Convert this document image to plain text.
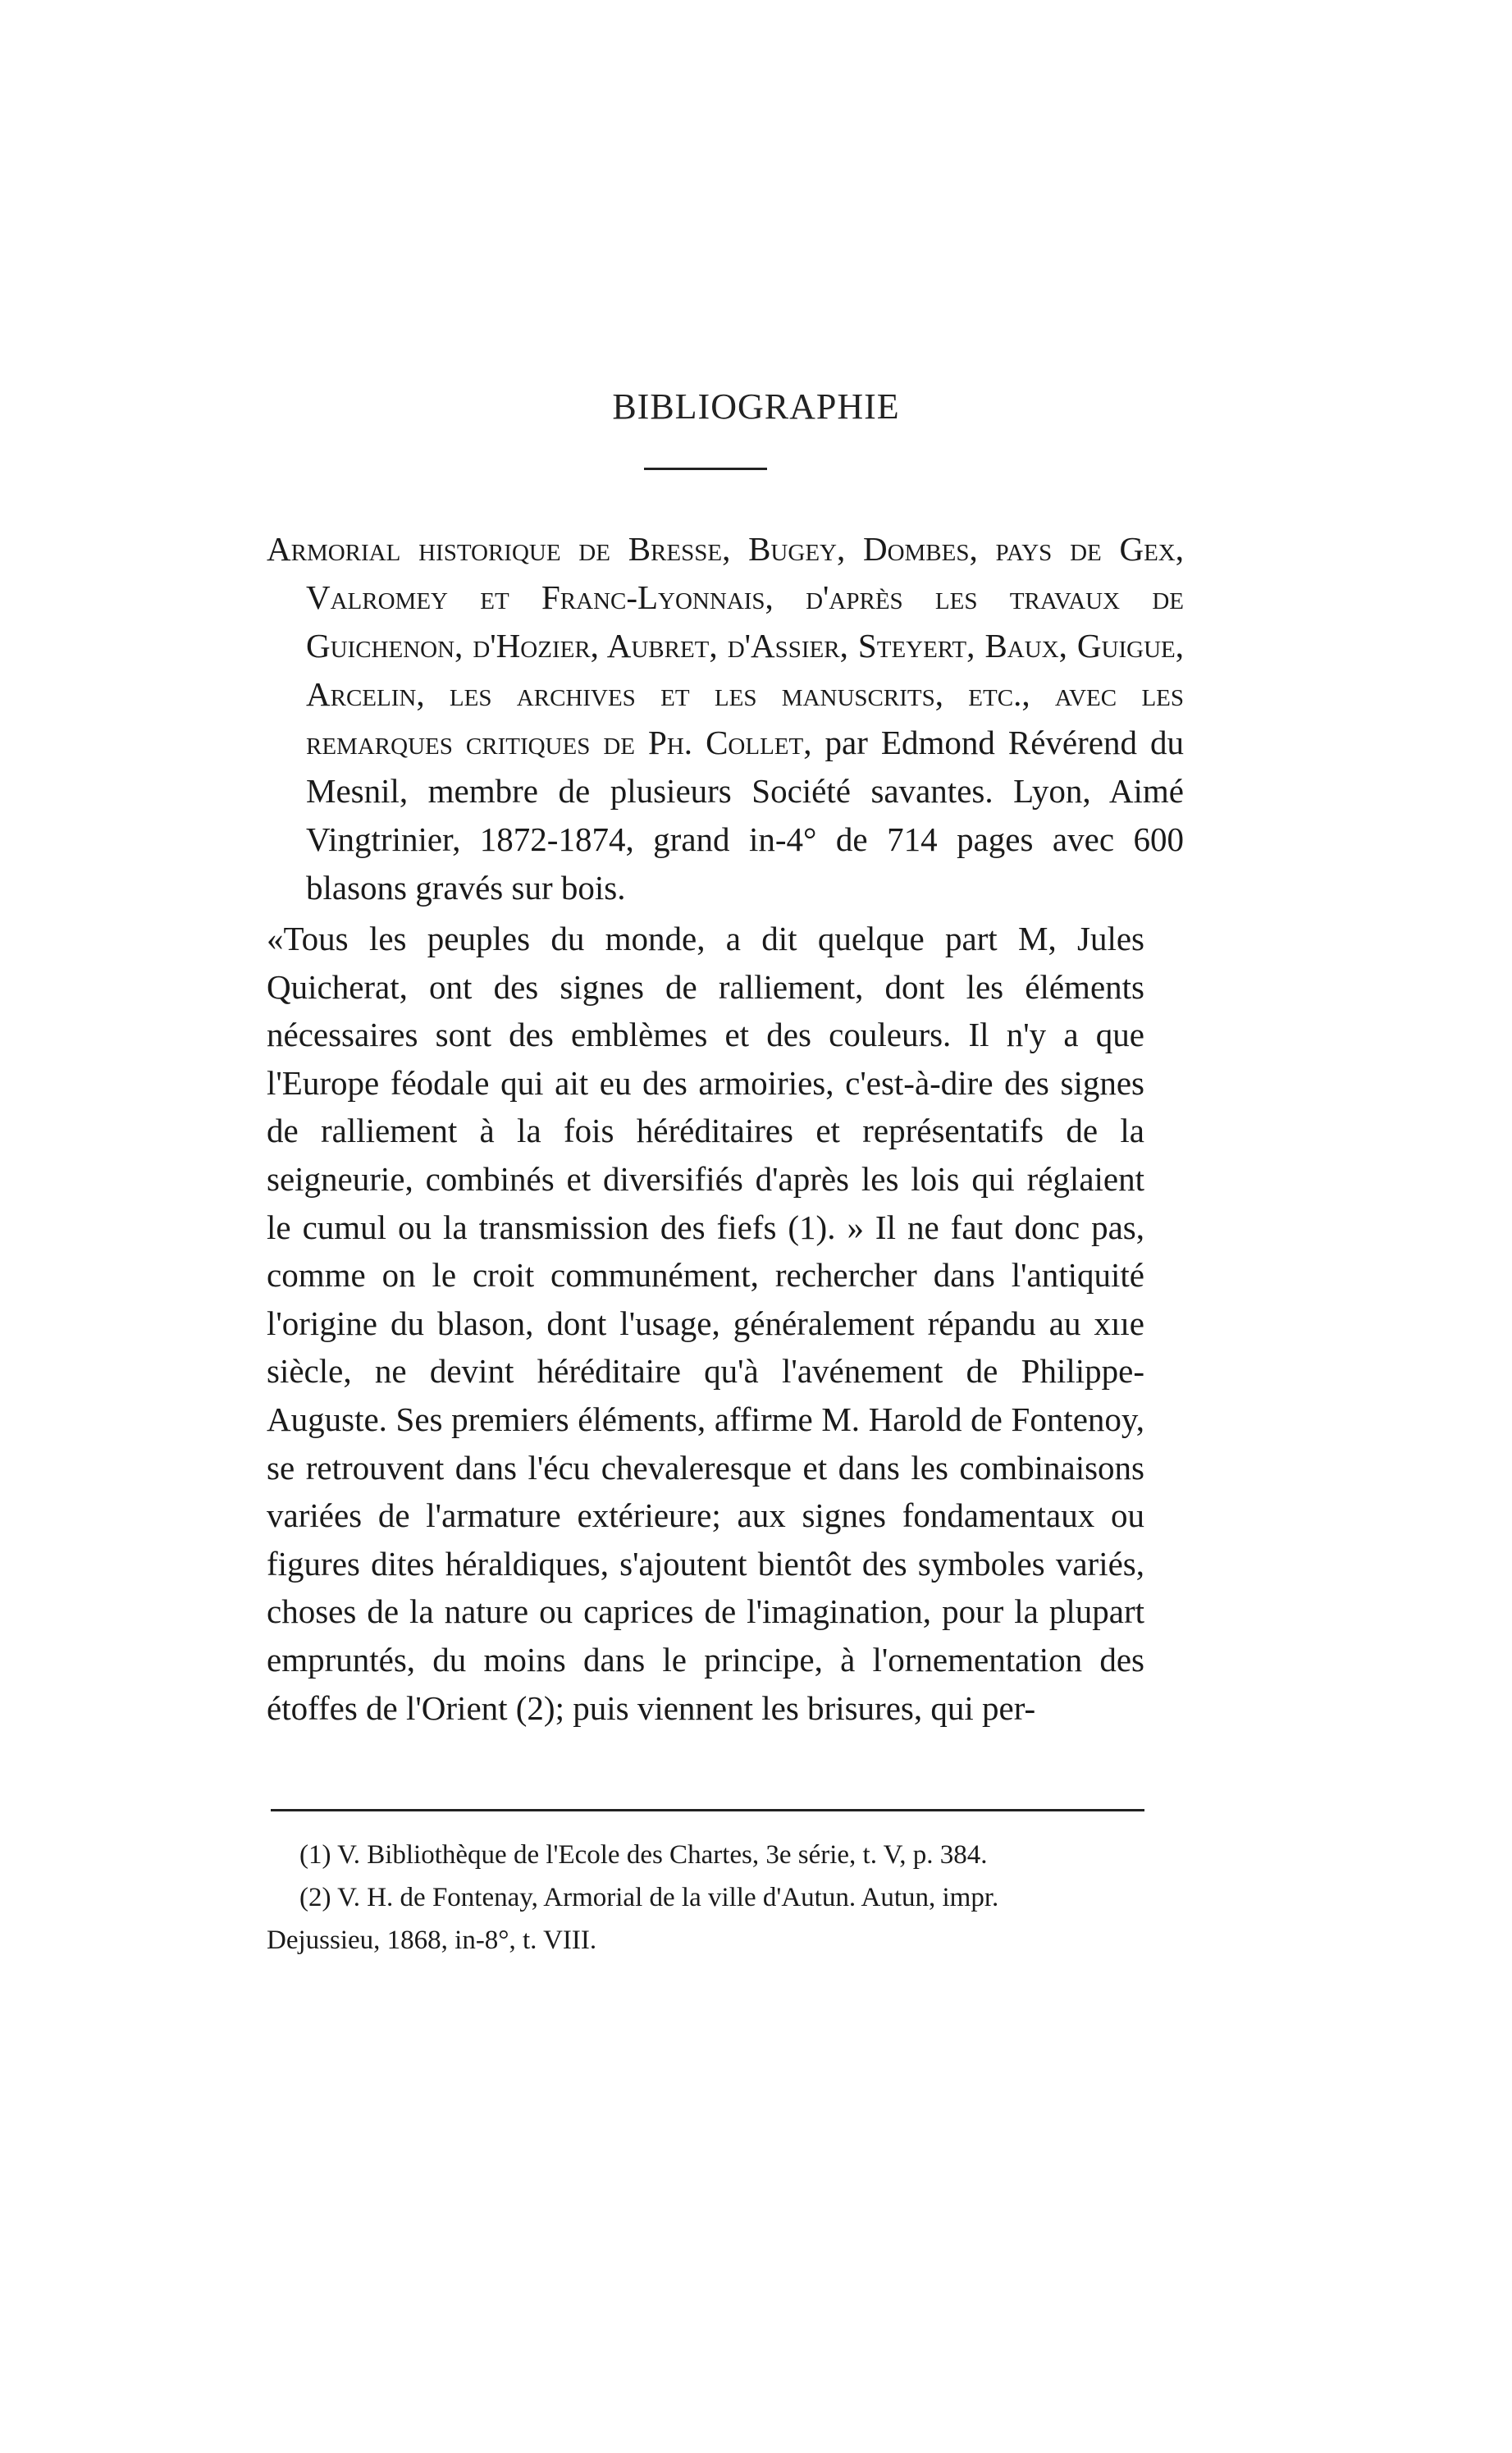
BIBLIOGRAPHIE
Armorial historique de Bresse, Bugey, Dombes, pays de Gex, Valromey et Franc-Lyonnais, d'après les travaux de Guichenon, d'Hozier, Aubret, d'Assier, Steyert, Baux, Guigue, Arcelin, les archives et les manuscrits, etc., avec les remarques critiques de Ph. Collet, par Edmond Révérend du Mesnil, membre de plusieurs Société savantes. Lyon, Aimé Vingtrinier, 1872-1874, grand in-4° de 714 pages avec 600 blasons gravés sur bois.
«Tous les peuples du monde, a dit quelque part M, Jules Quicherat, ont des signes de ralliement, dont les éléments nécessaires sont des emblèmes et des couleurs. Il n'y a que l'Europe féodale qui ait eu des armoiries, c'est-à-dire des signes de ralliement à la fois héréditaires et représentatifs de la seigneurie, combinés et diversifiés d'après les lois qui réglaient le cumul ou la transmission des fiefs (1). » Il ne faut donc pas, comme on le croit communément, rechercher dans l'antiquité l'origine du blason, dont l'usage, généralement répandu au xııe siècle, ne devint héréditaire qu'à l'avénement de Philippe-Auguste. Ses premiers éléments, affirme M. Harold de Fontenoy, se retrouvent dans l'écu chevaleresque et dans les combinaisons variées de l'armature extérieure; aux signes fondamentaux ou figures dites héraldiques, s'ajoutent bientôt des symboles variés, choses de la nature ou caprices de l'imagination, pour la plupart empruntés, du moins dans le principe, à l'ornementation des étoffes de l'Orient (2); puis viennent les brisures, qui per-
(1) V. Bibliothèque de l'Ecole des Chartes, 3e série, t. V, p. 384.
(2) V. H. de Fontenay, Armorial de la ville d'Autun. Autun, impr.
Dejussieu, 1868, in-8°, t. VIII.
